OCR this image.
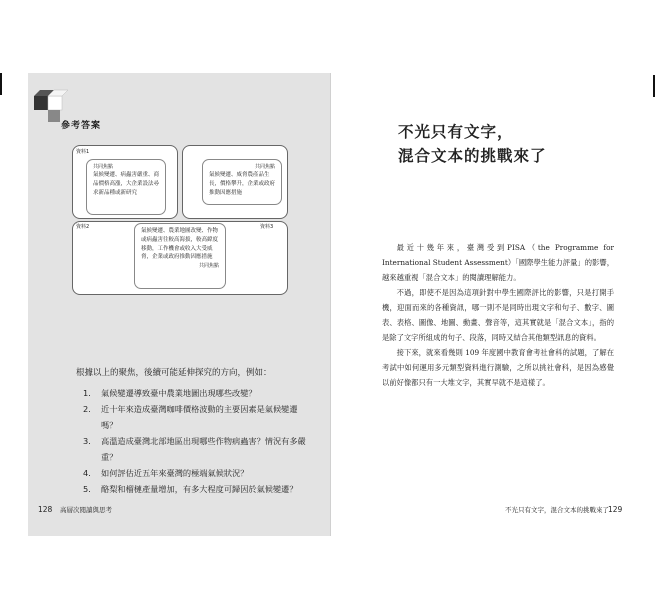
參考答案
資料1
資料2	資料3
共同焦點
氣候變遷、病蟲害嚴重、商品價格高漲，大企業設法尋求新品種或新研究
共同焦點
氣候變遷、威脅農產品生長，價格攀升，企業或政府推動因應措施
氣候變遷、農業地圖改變、作物或病蟲害往較高海拔，較高緯度移動，工作機會或收入大受威脅，企業或政府推動因應措施
共同焦點
根據以上的聚焦，後續可能延伸探究的方向，例如：
1. 氣候變遷導致臺中農業地圖出現哪些改變？
2. 近十年來造成臺灣咖啡價格波動的主要因素是氣候變遷嗎？
3. 高溫造成臺灣北部地區出現哪些作物病蟲害？情況有多嚴重？
4. 如何評估近五年來臺灣的極端氣候狀況？
5. 酪梨和榴槤產量增加，有多大程度可歸因於氣候變遷？
128 高層次閱讀與思考
不光只有文字，
混合文本的挑戰來了

最近十幾年來，臺灣受到PISA（the Programme for International Student Assessment）「國際學生能力評量」的影響，越來越重視「混合文本」的閱讀理解能力。

不過，即使不是因為這項針對中學生國際評比的影響，只是打開手機，迎面而來的各種資訊，哪一則不是同時出現文字和句子、數字、圖表、表格、圖像、地圖、動畫、聲音等，這其實就是「混合文本」，指的是除了文字所組成的句子、段落，同時又結合其他類型訊息的資料。

接下來，就來看幾則 109 年度國中教育會考社會科的試題，了解在考試中如何運用多元類型資料進行測驗，之所以挑社會科，是因為感覺以前好像都只有一大堆文字，其實早就不是這樣了。

不光只有文字，混合文本的挑戰來了 129
